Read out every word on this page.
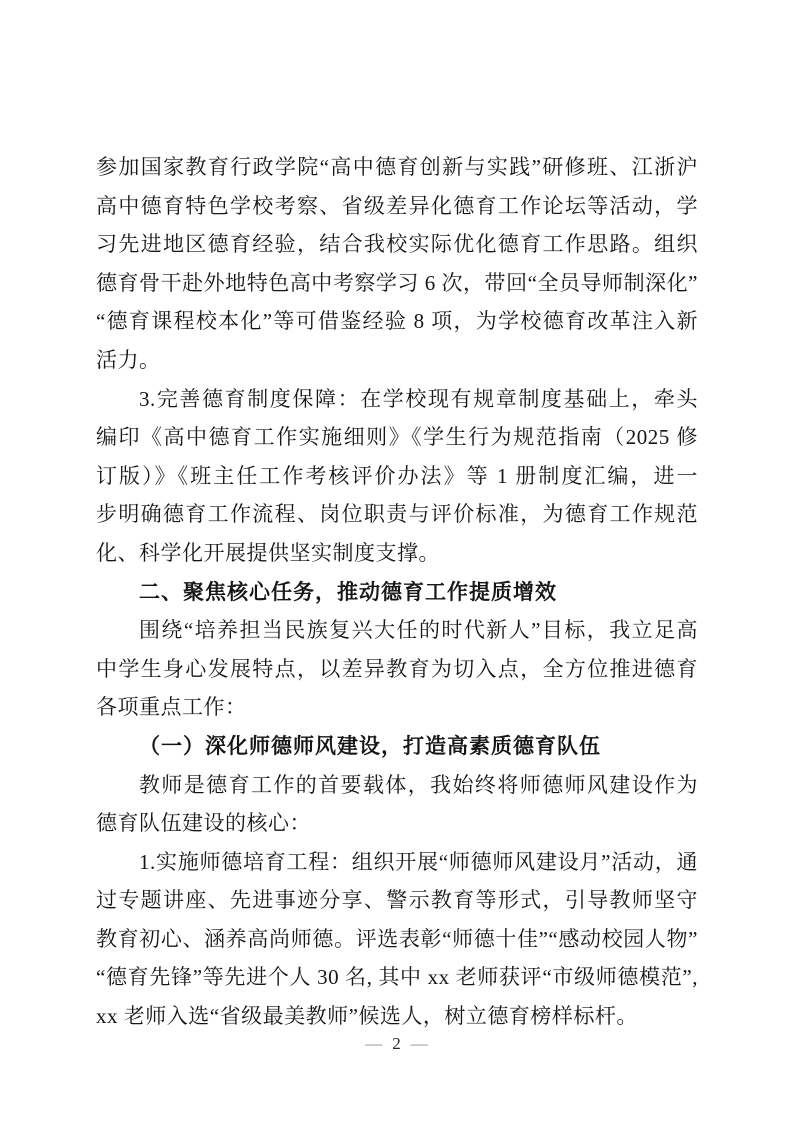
参加国家教育行政学院“高中德育创新与实践”研修班、江浙沪
高中德育特色学校考察、省级差异化德育工作论坛等活动，学
习先进地区德育经验，结合我校实际优化德育工作思路。组织
德育骨干赴外地特色高中考察学习 6 次，带回“全员导师制深化”
“德育课程校本化”等可借鉴经验 8 项，为学校德育改革注入新
活力。
3.完善德育制度保障：在学校现有规章制度基础上，牵头
编印《高中德育工作实施细则》《学生行为规范指南（2025 修
订版）》《班主任工作考核评价办法》等 1 册制度汇编，进一
步明确德育工作流程、岗位职责与评价标准，为德育工作规范
化、科学化开展提供坚实制度支撑。
二、聚焦核心任务，推动德育工作提质增效
围绕“培养担当民族复兴大任的时代新人”目标，我立足高
中学生身心发展特点，以差异教育为切入点，全方位推进德育
各项重点工作：
（一）深化师德师风建设，打造高素质德育队伍
教师是德育工作的首要载体，我始终将师德师风建设作为
德育队伍建设的核心：
1.实施师德培育工程：组织开展“师德师风建设月”活动，通
过专题讲座、先进事迹分享、警示教育等形式，引导教师坚守
教育初心、涵养高尚师德。评选表彰“师德十佳”“感动校园人物”
“德育先锋”等先进个人 30 名, 其中 xx 老师获评“市级师德模范”,
xx 老师入选“省级最美教师”候选人，树立德育榜样标杆。
— 2 —
